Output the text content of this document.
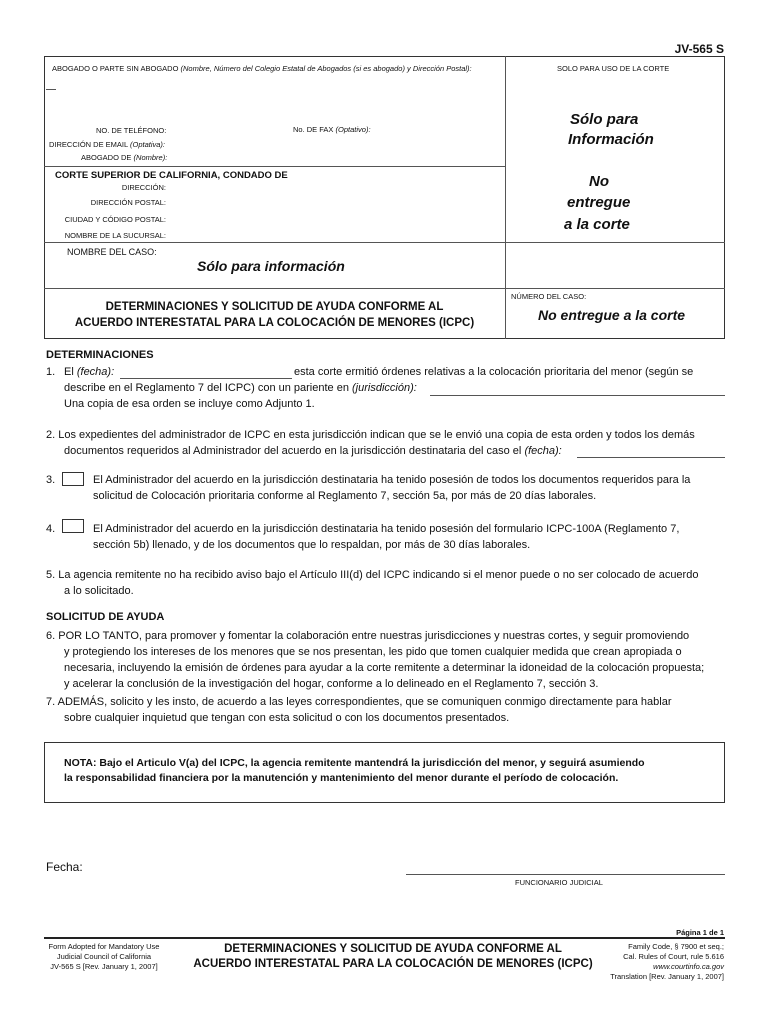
JV-565 S
ABOGADO O PARTE SIN ABOGADO (Nombre, Número del Colegio Estatal de Abogados (si es abogado) y Dirección Postal):	SOLO PARA USO DE LA CORTE
NO. DE TELÉFONO:	No. DE FAX (Optativo):
DIRECCIÓN DE EMAIL (Optativa):
ABOGADO DE (Nombre):
Sólo para
Información
No
entregue
a la corte
CORTE SUPERIOR DE CALIFORNIA, CONDADO DE
DIRECCIÓN:
DIRECCIÓN POSTAL:
CIUDAD Y CÓDIGO POSTAL:
NOMBRE DE LA SUCURSAL:
NOMBRE DEL CASO:
Sólo para información
DETERMINACIONES Y SOLICITUD DE AYUDA CONFORME AL
ACUERDO INTERESTATAL PARA LA COLOCACIÓN DE MENORES (ICPC)
NÚMERO DEL CASO:
No entregue a la corte
DETERMINACIONES
1. El (fecha):	esta corte ermitió órdenes relativas a la colocación prioritaria del menor (según se
describe en el Reglamento 7 del ICPC) con un pariente en (jurisdicción):
Una copia de esa orden se incluye como Adjunto 1.
2. Los expedientes del administrador de ICPC en esta jurisdicción indican que se le envió una copia de esta orden y todos los demás
documentos requeridos al Administrador del acuerdo en la jurisdicción destinataria del caso el (fecha):
3.	El Administrador del acuerdo en la jurisdicción destinataria ha tenido posesión de todos los documentos requeridos para la
solicitud de Colocación prioritaria conforme al Reglamento 7, sección 5a, por más de 20 días laborales.
4.	El Administrador del acuerdo en la jurisdicción destinataria ha tenido posesión del formulario ICPC-100A (Reglamento 7,
sección 5b) llenado, y de los documentos que lo respaldan, por más de 30 días laborales.
5. La agencia remitente no ha recibido aviso bajo el Artículo III(d) del ICPC indicando si el menor puede o no ser colocado de acuerdo
a lo solicitado.
SOLICITUD DE AYUDA
6. POR LO TANTO, para promover y fomentar la colaboración entre nuestras jurisdicciones y nuestras cortes, y seguir promoviendo
y protegiendo los intereses de los menores que se nos presentan, les pido que tomen cualquier medida que crean apropiada o
necesaria, incluyendo la emisión de órdenes para ayudar a la corte remitente a determinar la idoneidad de la colocación propuesta;
y acelerar la conclusión de la investigación del hogar, conforme a lo delineado en el Reglamento 7, sección 3.
7. ADEMÁS, solicito y les insto, de acuerdo a las leyes correspondientes, que se comuniquen conmigo directamente para hablar
sobre cualquier inquietud que tengan con esta solicitud o con los documentos presentados.
NOTA: Bajo el Articulo V(a) del ICPC, la agencia remitente mantendrá la jurisdicción del menor, y seguirá asumiendo
la responsabilidad financiera por la manutención y mantenimiento del menor durante el período de colocación.
Fecha:
FUNCIONARIO JUDICIAL
Página 1 de 1
Form Adopted for Mandatory Use
Judicial Council of California
JV-565 S [Rev. January 1, 2007]
DETERMINACIONES Y SOLICITUD DE AYUDA CONFORME AL
ACUERDO INTERESTATAL PARA LA COLOCACIÓN DE MENORES (ICPC)
Family Code, § 7900 et seq.;
Cal. Rules of Court, rule 5.616
www.courtinfo.ca.gov
Translation [Rev. January 1, 2007]
